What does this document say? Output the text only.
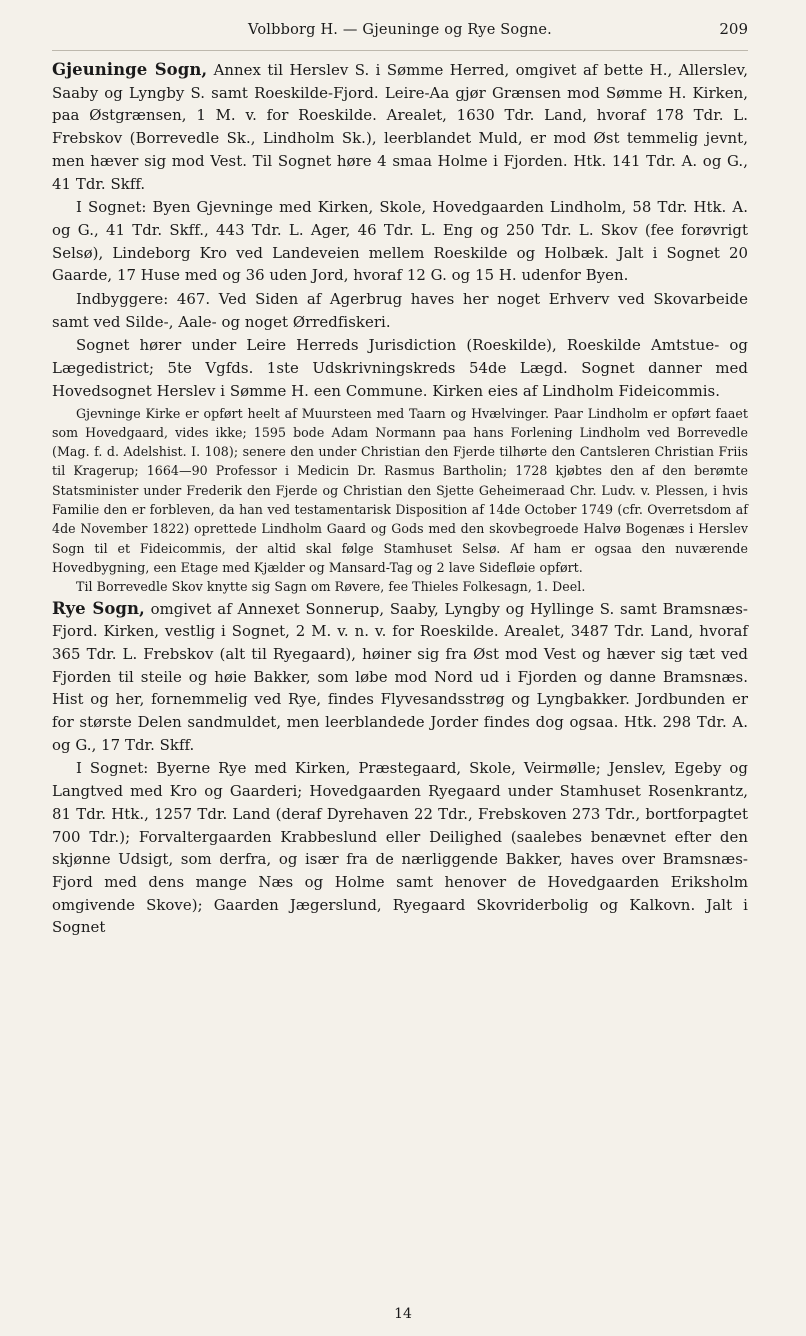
Volbborg H. — Gjeuninge og Rye Sogne.	209

Gjeuninge Sogn, Annex til Herslev S. i Sømme Herred, omgivet af bette H., Allerslev, Saaby og Lyngby S. samt Roeskilde-Fjord. Leire-Aa gjør Grænsen mod Sømme H. Kirken, paa Østgrænsen, 1 M. v. for Roeskilde. Arealet, 1630 Tdr. Land, hvoraf 178 Tdr. L. Frebskov (Borrevedle Sk., Lindholm Sk.), leerblandet Muld, er mod Øst temmelig jevnt, men hæver sig mod Vest. Til Sognet høre 4 smaa Holme i Fjorden. Htk. 141 Tdr. A. og G., 41 Tdr. Skff.

I Sognet: Byen Gjevninge med Kirken, Skole, Hovedgaarden Lindholm, 58 Tdr. Htk. A. og G., 41 Tdr. Skff., 443 Tdr. L. Ager, 46 Tdr. L. Eng og 250 Tdr. L. Skov (fee forøvrigt Selsø), Lindeborg Kro ved Landeveien mellem Roeskilde og Holbæk. Jalt i Sognet 20 Gaarde, 17 Huse med og 36 uden Jord, hvoraf 12 G. og 15 H. udenfor Byen.

Indbyggere: 467. Ved Siden af Agerbrug haves her noget Erhverv ved Skovarbeide samt ved Silde-, Aale- og noget Ørredfiskeri.

Sognet hører under Leire Herreds Jurisdiction (Roeskilde), Roeskilde Amtstue- og Lægedistrict; 5te Vgfds. 1ste Udskrivningskreds 54de Lægd. Sognet danner med Hovedsognet Herslev i Sømme H. een Commune. Kirken eies af Lindholm Fideicommis.

Gjevninge Kirke er opført heelt af Muursteen med Taarn og Hvælvinger. Paar Lindholm er opført faaet som Hovedgaard, vides ikke; 1595 bode Adam Normann paa hans Forlening Lindholm ved Borrevedle (Mag. f. d. Adelshist. I. 108); senere den under Christian den Fjerde tilhørte den Cantsleren Christian Friis til Kragerup; 1664—90 Professor i Medicin Dr. Rasmus Bartholin; 1728 kjøbtes den af den berømte Statsminister under Frederik den Fjerde og Christian den Sjette Geheimeraad Chr. Ludv. v. Plessen, i hvis Familie den er forbleven, da han ved testamentarisk Disposition af 14de October 1749 (cfr. Overretsdom af 4de November 1822) oprettede Lindholm Gaard og Gods med den skovbegroede Halvø Bogenæs i Herslev Sogn til et Fideicommis, der altid skal følge Stamhuset Selsø. Af ham er ogsaa den nuværende Hovedbygning, een Etage med Kjælder og Mansard-Tag og 2 lave Sidefløie opført.

Til Borrevedle Skov knytte sig Sagn om Røvere, fee Thieles Folkesagn, 1. Deel.

Rye Sogn, omgivet af Annexet Sonnerup, Saaby, Lyngby og Hyllinge S. samt Bramsnæs-Fjord. Kirken, vestlig i Sognet, 2 M. v. n. v. for Roeskilde. Arealet, 3487 Tdr. Land, hvoraf 365 Tdr. L. Frebskov (alt til Ryegaard), høiner sig fra Øst mod Vest og hæver sig tæt ved Fjorden til steile og høie Bakker, som løbe mod Nord ud i Fjorden og danne Bramsnæs. Hist og her, fornemmelig ved Rye, findes Flyvesandsstrøg og Lyngbakker. Jordbunden er for største Delen sandmuldet, men leerblandede Jorder findes dog ogsaa. Htk. 298 Tdr. A. og G., 17 Tdr. Skff.

I Sognet: Byerne Rye med Kirken, Præstegaard, Skole, Veirmølle; Jenslev, Egeby og Langtved med Kro og Gaarderi; Hovedgaarden Ryegaard under Stamhuset Rosenkrantz, 81 Tdr. Htk., 1257 Tdr. Land (deraf Dyrehaven 22 Tdr., Frebskoven 273 Tdr., bortforpagtet 700 Tdr.); Forvaltergaarden Krabbeslund eller Deilighed (saalebes benævnet efter den skjønne Udsigt, som derfra, og især fra de nærliggende Bakker, haves over Bramsnæs-Fjord med dens mange Næs og Holme samt henover de Hovedgaarden Eriksholm omgivende Skove); Gaarden Jægerslund, Ryegaard Skovriderbolig og Kalkovn. Jalt i Sognet

14
